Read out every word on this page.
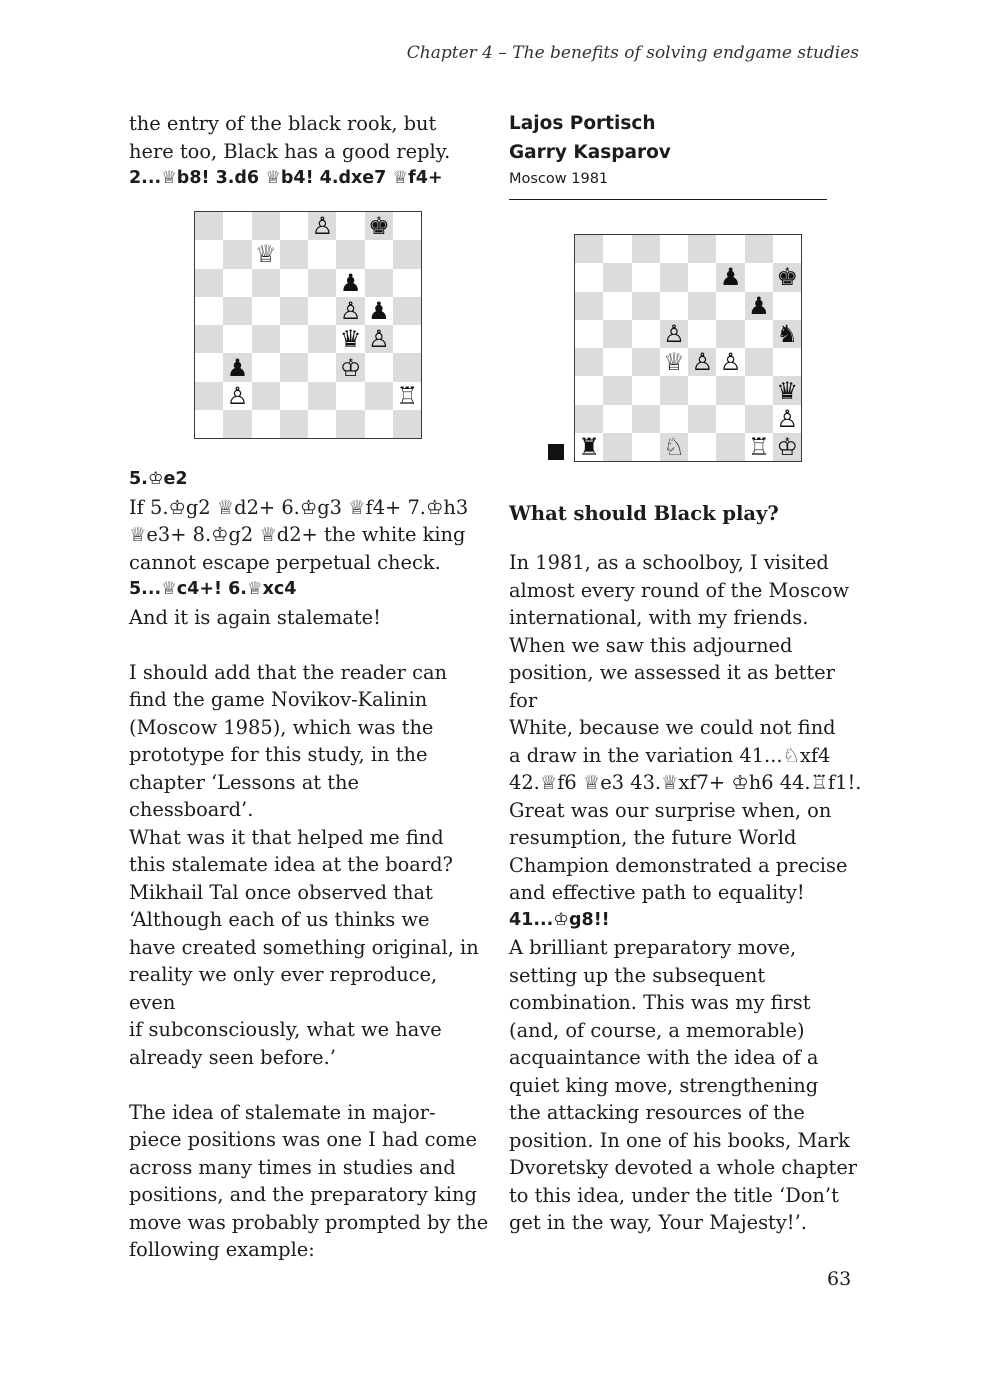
Chapter 4 – The benefits of solving endgame studies

the entry of the black rook, but
here too, Black has a good reply.

2...♕b8! 3.d6 ♕b4! 4.dxe7 ♕f4+

♙ ♚
♕
♟
♙ ♟
♛ ♙
♟	♔
♙	♖

5.♔e2

If 5.♔g2 ♕d2+ 6.♔g3 ♕f4+ 7.♔h3
♕e3+ 8.♔g2 ♕d2+ the white king
cannot escape perpetual check.

5...♕c4+! 6.♕xc4

And it is again stalemate!

I should add that the reader can
find the game Novikov-Kalinin
(Moscow 1985), which was the
prototype for this study, in the
chapter ‘Lessons at the chessboard’.
What was it that helped me find
this stalemate idea at the board?
Mikhail Tal once observed that
‘Although each of us thinks we
have created something original, in
reality we only ever reproduce, even
if subconsciously, what we have
already seen before.’

The idea of stalemate in major-
piece positions was one I had come
across many times in studies and
positions, and the preparatory king
move was probably prompted by the
following example:

Lajos Portisch

Garry Kasparov

Moscow 1981

♟ ♚
♟
♙	♞
♕ ♙ ♙
♛
♙
♜	♘	♖ ♔

What should Black play?

In 1981, as a schoolboy, I visited
almost every round of the Moscow
international, with my friends.
When we saw this adjourned
position, we assessed it as better for
White, because we could not find
a draw in the variation 41...♘xf4
42.♕f6 ♕e3 43.♕xf7+ ♔h6 44.♖f1!.
Great was our surprise when, on
resumption, the future World
Champion demonstrated a precise
and effective path to equality!

41...♔g8!!

A brilliant preparatory move,
setting up the subsequent
combination. This was my first
(and, of course, a memorable)
acquaintance with the idea of a
quiet king move, strengthening
the attacking resources of the
position. In one of his books, Mark
Dvoretsky devoted a whole chapter
to this idea, under the title ‘Don’t
get in the way, Your Majesty!’.

63
